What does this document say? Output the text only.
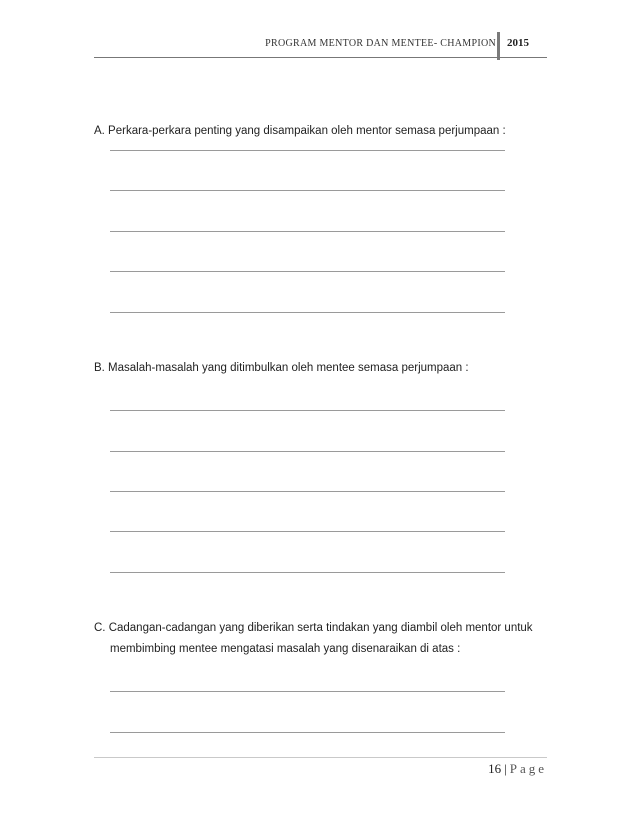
PROGRAM MENTOR DAN MENTEE- CHAMPION 2015
A. Perkara-perkara penting yang disampaikan oleh mentor semasa perjumpaan :
B. Masalah-masalah yang ditimbulkan oleh mentee semasa perjumpaan :
C. Cadangan-cadangan yang diberikan serta tindakan yang diambil oleh mentor untuk
membimbing mentee mengatasi masalah yang disenaraikan di atas :
16 | Page
